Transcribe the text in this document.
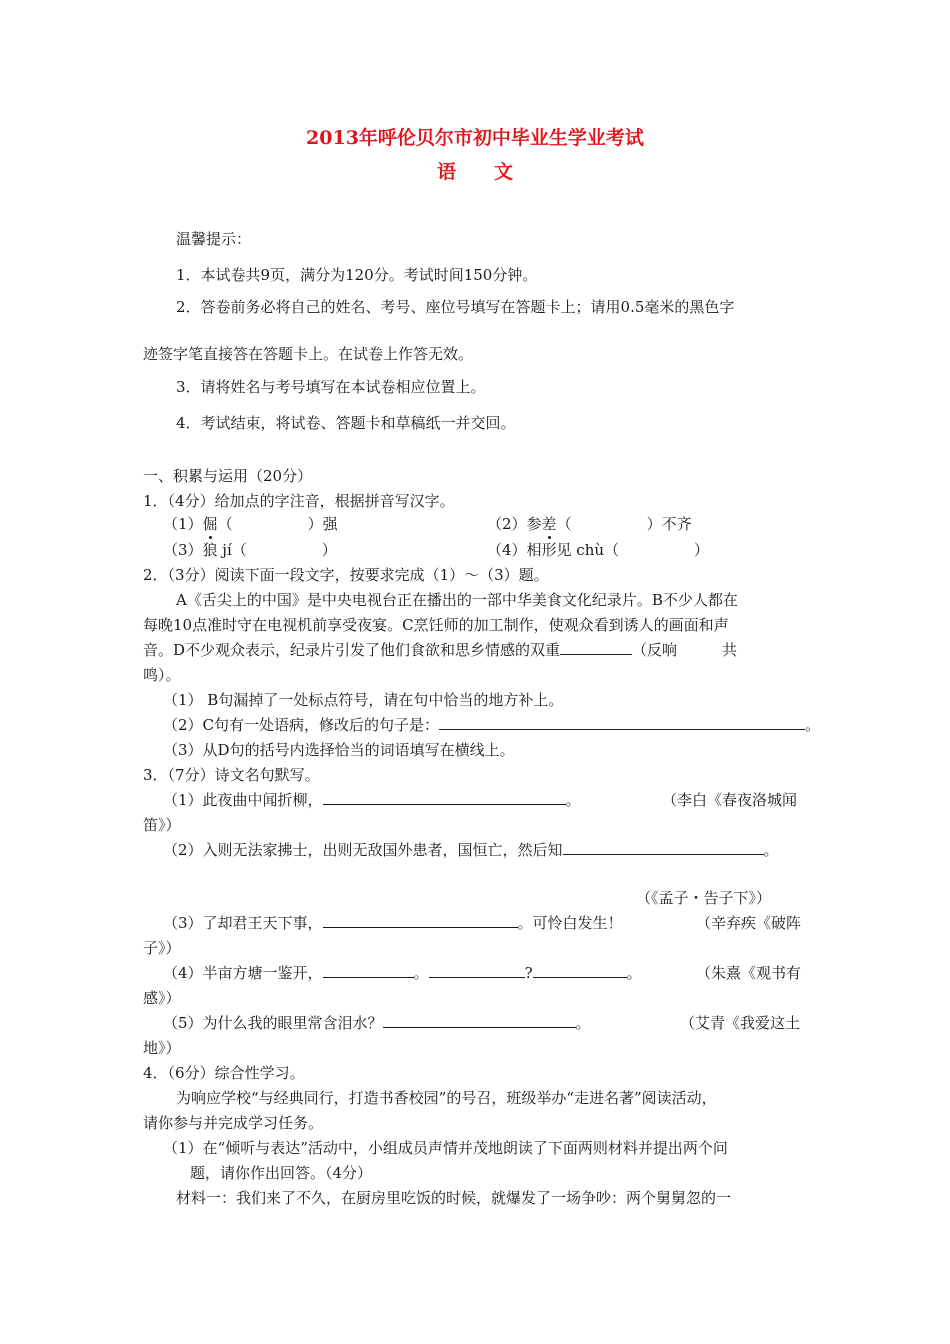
2013年呼伦贝尔市初中毕业生学业考试
语　　文
温馨提示：
1．本试卷共9页，满分为120分。考试时间150分钟。
2．答卷前务必将自己的姓名、考号、座位号填写在答题卡上；请用0.5毫米的黑色字
迹签字笔直接答在答题卡上。在试卷上作答无效。
3．请将姓名与考号填写在本试卷相应位置上。
4．考试结束，将试卷、答题卡和草稿纸一并交回。
一、积累与运用（20分）
1．（4分）给加点的字注音，根据拼音写汉字。
（1）倔（　　　　　）强	（2）参差（　　　　　）不齐
（3）狼 jí（　　　　　）	（4）相形见 chù（　　　　　）
2．（3分）阅读下面一段文字，按要求完成（1）～（3）题。
A《舌尖上的中国》是中央电视台正在播出的一部中华美食文化纪录片。B不少人都在
每晚10点准时守在电视机前享受夜宴。C烹饪师的加工制作，使观众看到诱人的画面和声
音。D不少观众表示，纪录片引发了他们食欲和思乡情感的双重	（反响　　　共
鸣）。
（1） B句漏掉了一处标点符号，请在句中恰当的地方补上。
（2）C句有一处语病，修改后的句子是：	。
（3）从D句的括号内选择恰当的词语填写在横线上。
3．（7分）诗文名句默写。
（1）此夜曲中闻折柳，	。	（李白《春夜洛城闻
笛》）
（2）入则无法家拂士，出则无敌国外患者，国恒亡，然后知	。
（《孟子・告子下》）
（3）了却君王天下事，	。可怜白发生！	（辛弃疾《破阵
子》）
（4）半亩方塘一鉴开，	。	?	。	（朱熹《观书有
感》）
（5）为什么我的眼里常含泪水？	。	（艾青《我爱这土
地》）
4．（6分）综合性学习。
为响应学校“与经典同行，打造书香校园”的号召，班级举办“走进名著”阅读活动，
请你参与并完成学习任务。
（1）在“倾听与表达”活动中，小组成员声情并茂地朗读了下面两则材料并提出两个问
题，请你作出回答。（4分）
材料一：我们来了不久，在厨房里吃饭的时候，就爆发了一场争吵：两个舅舅忽的一
